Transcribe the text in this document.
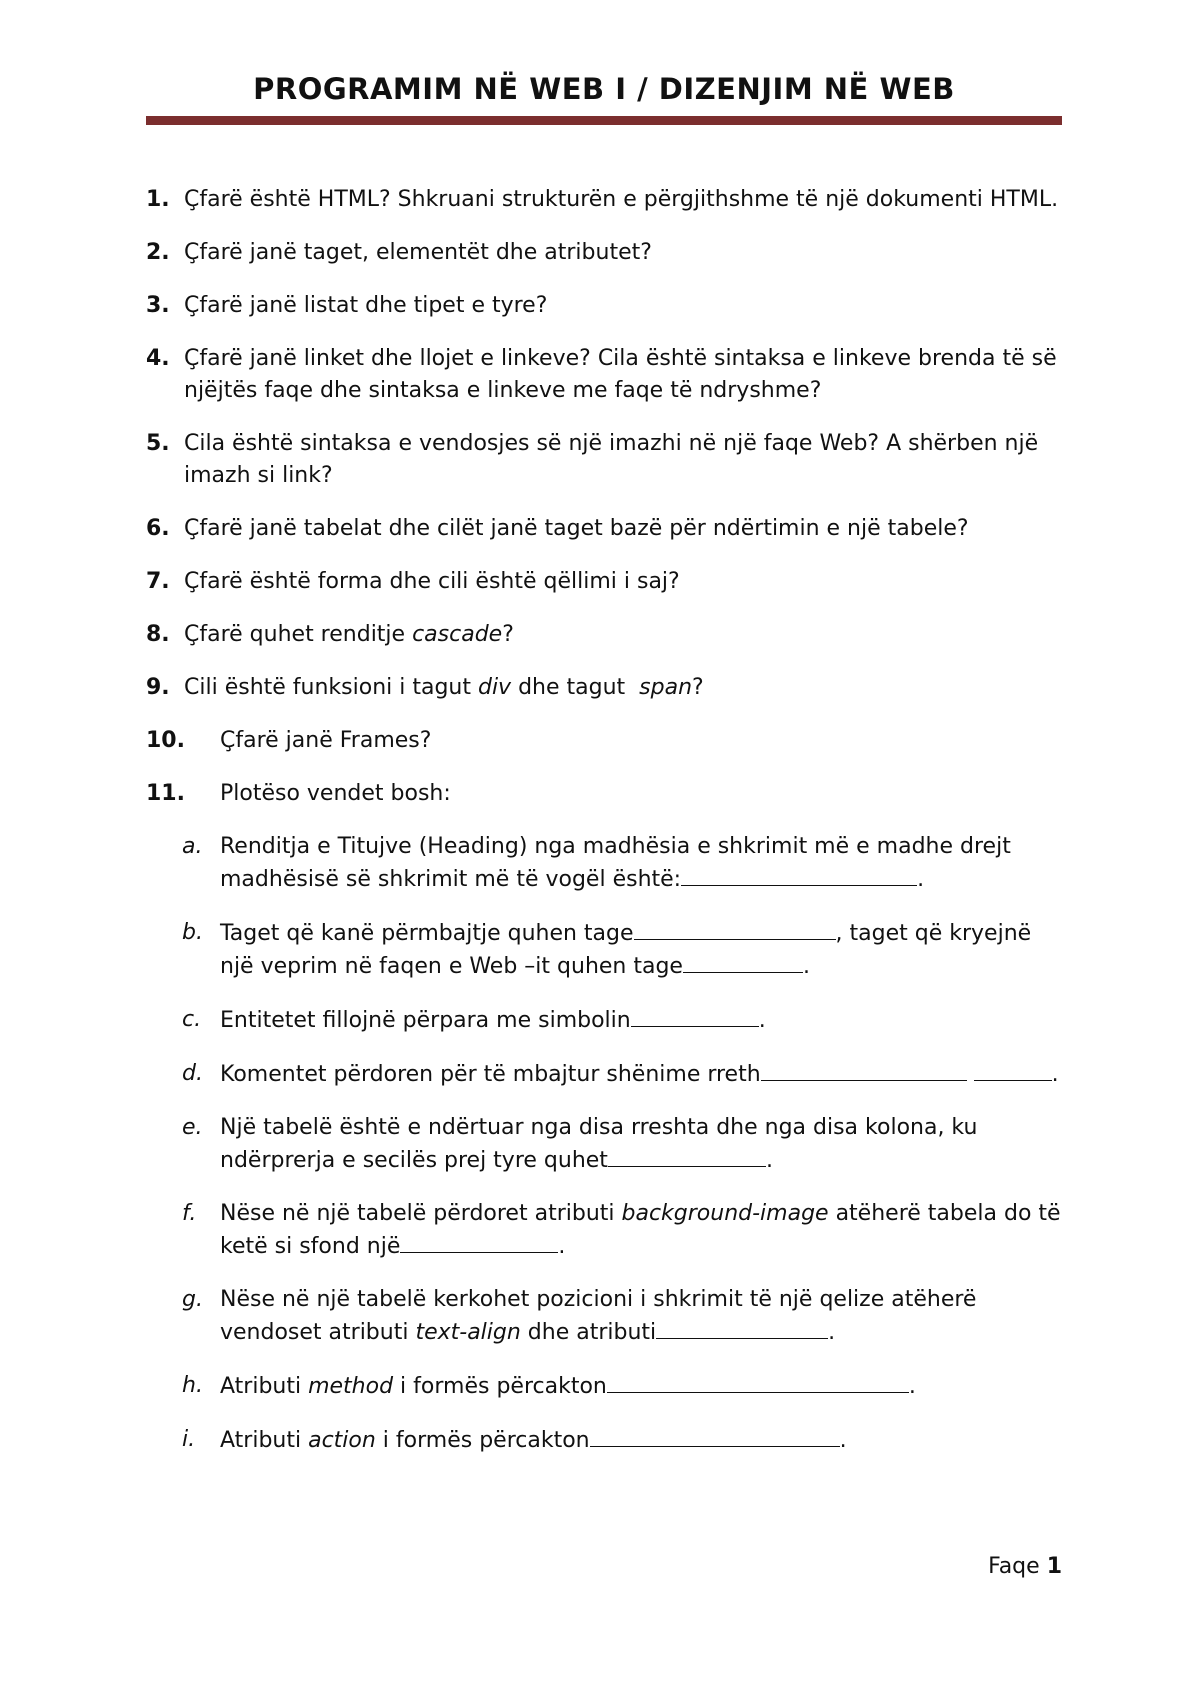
PROGRAMIM NË WEB I / DIZENJIM NË WEB
1. Çfarë është HTML? Shkruani strukturën e përgjithshme të një dokumenti HTML.
2. Çfarë janë taget, elementët dhe atributet?
3. Çfarë janë listat dhe tipet e tyre?
4. Çfarë janë linket dhe llojet e linkeve? Cila është sintaksa e linkeve brenda të së njëjtës faqe dhe sintaksa e linkeve me faqe të ndryshme?
5. Cila është sintaksa e vendosjes së një imazhi në një faqe Web? A shërben një imazh si link?
6. Çfarë janë tabelat dhe cilët janë taget bazë për ndërtimin e një tabele?
7. Çfarë është forma dhe cili është qëllimi i saj?
8. Çfarë quhet renditje cascade?
9. Cili është funksioni i tagut div dhe tagut  span?
10.	Çfarë janë Frames?
11.	Plotëso vendet bosh:
a. Renditja e Titujve (Heading) nga madhësia e shkrimit më e madhe drejt madhësisë së shkrimit më të vogël është:	.
b. Taget që kanë përmbajtje quhen tage	, taget që kryejnë një veprim në faqen e Web –it quhen tage	.
c. Entitetet fillojnë përpara me simbolin	.
d. Komentet përdoren për të mbajtur shënime rreth	.
e. Një tabelë është e ndërtuar nga disa rreshta dhe nga disa kolona, ku ndërprerja e secilës prej tyre quhet	.
f.	Nëse në një tabelë përdoret atributi background-image atëherë tabela do të ketë si sfond një	.
g. Nëse në një tabelë kerkohet pozicioni i shkrimit të një qelize atëherë vendoset atributi text-align dhe atributi	.
h. Atributi method i formës përcakton	.
i.	Atributi action i formës përcakton	.
Faqe 1
